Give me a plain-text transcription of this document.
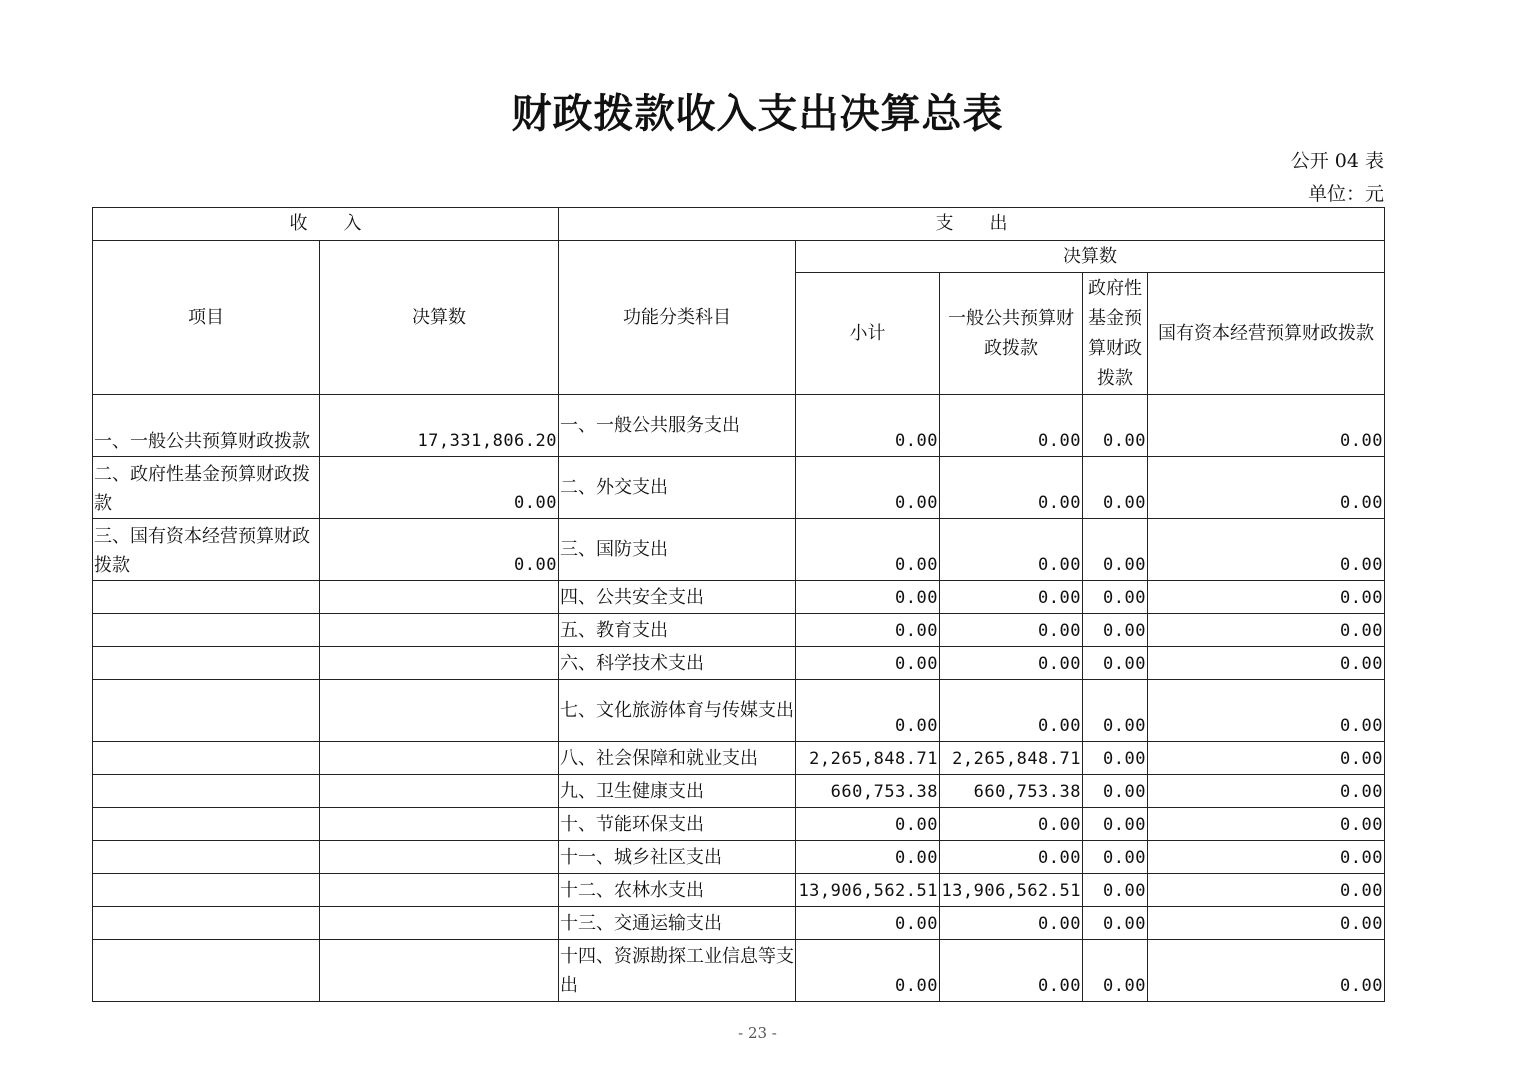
财政拨款收入支出决算总表
公开 04 表
单位：元
收　　入		支　　出				
项目	决算数	功能分类科目	决算数			
			小计	一般公共预算财政拨款	政府性基金预算财政拨款	国有资本经营预算财政拨款
一、一般公共预算财政拨款	17,331,806.20	一、一般公共服务支出	0.00	0.00	0.00	0.00
二、政府性基金预算财政拨款	0.00	二、外交支出	0.00	0.00	0.00	0.00
三、国有资本经营预算财政拨款	0.00	三、国防支出	0.00	0.00	0.00	0.00
		四、公共安全支出	0.00	0.00	0.00	0.00
		五、教育支出	0.00	0.00	0.00	0.00
		六、科学技术支出	0.00	0.00	0.00	0.00
		七、文化旅游体育与传媒支出	0.00	0.00	0.00	0.00
		八、社会保障和就业支出	2,265,848.71	2,265,848.71	0.00	0.00
		九、卫生健康支出	660,753.38	660,753.38	0.00	0.00
		十、节能环保支出	0.00	0.00	0.00	0.00
		十一、城乡社区支出	0.00	0.00	0.00	0.00
		十二、农林水支出	13,906,562.51	13,906,562.51	0.00	0.00
		十三、交通运输支出	0.00	0.00	0.00	0.00
		十四、资源勘探工业信息等支出	0.00	0.00	0.00	0.00
- 23 -
